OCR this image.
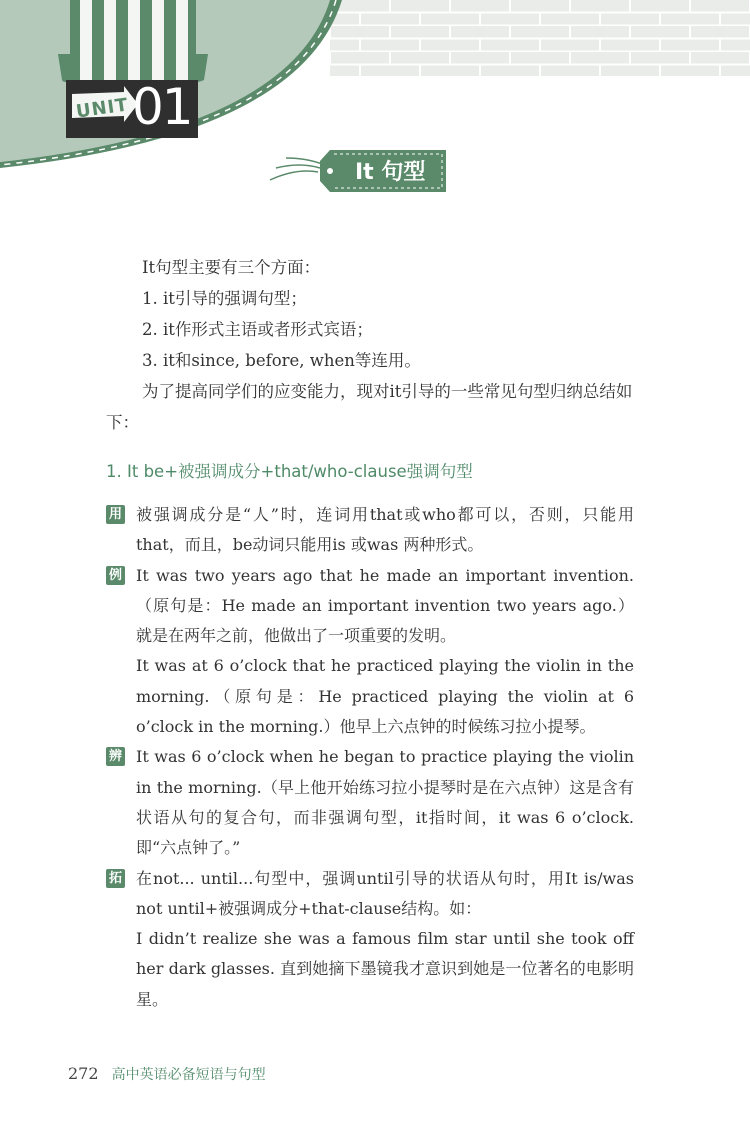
UNIT 01
It 句型

It句型主要有三个方面：

1. it引导的强调句型；

2. it作形式主语或者形式宾语；

3. it和since, before, when等连用。

为了提高同学们的应变能力，现对it引导的一些常见句型归纳总结如下：

1. It be+被强调成分+that/who-clause强调句型
用 被强调成分是“人”时，连词用that或who都可以，否则，只能用that，而且，be动词只能用is 或was 两种形式。

例 It was two years ago that he made an important invention.（原句是：He made an important invention two years ago.）就是在两年之前，他做出了一项重要的发明。

It was at 6 o’clock that he practiced playing the violin in the morning.（原句是：He practiced playing the violin at 6 o’clock in the morning.）他早上六点钟的时候练习拉小提琴。

辨 It was 6 o’clock when he began to practice playing the violin in the morning.（早上他开始练习拉小提琴时是在六点钟）这是含有状语从句的复合句，而非强调句型，it指时间，it was 6 o’clock. 即“六点钟了。”

拓 在not... until...句型中，强调until引导的状语从句时，用It is/was not until+被强调成分+that-clause结构。如：

I didn’t realize she was a famous film star until she took off her dark glasses. 直到她摘下墨镜我才意识到她是一位著名的电影明星。

272 高中英语必备短语与句型
